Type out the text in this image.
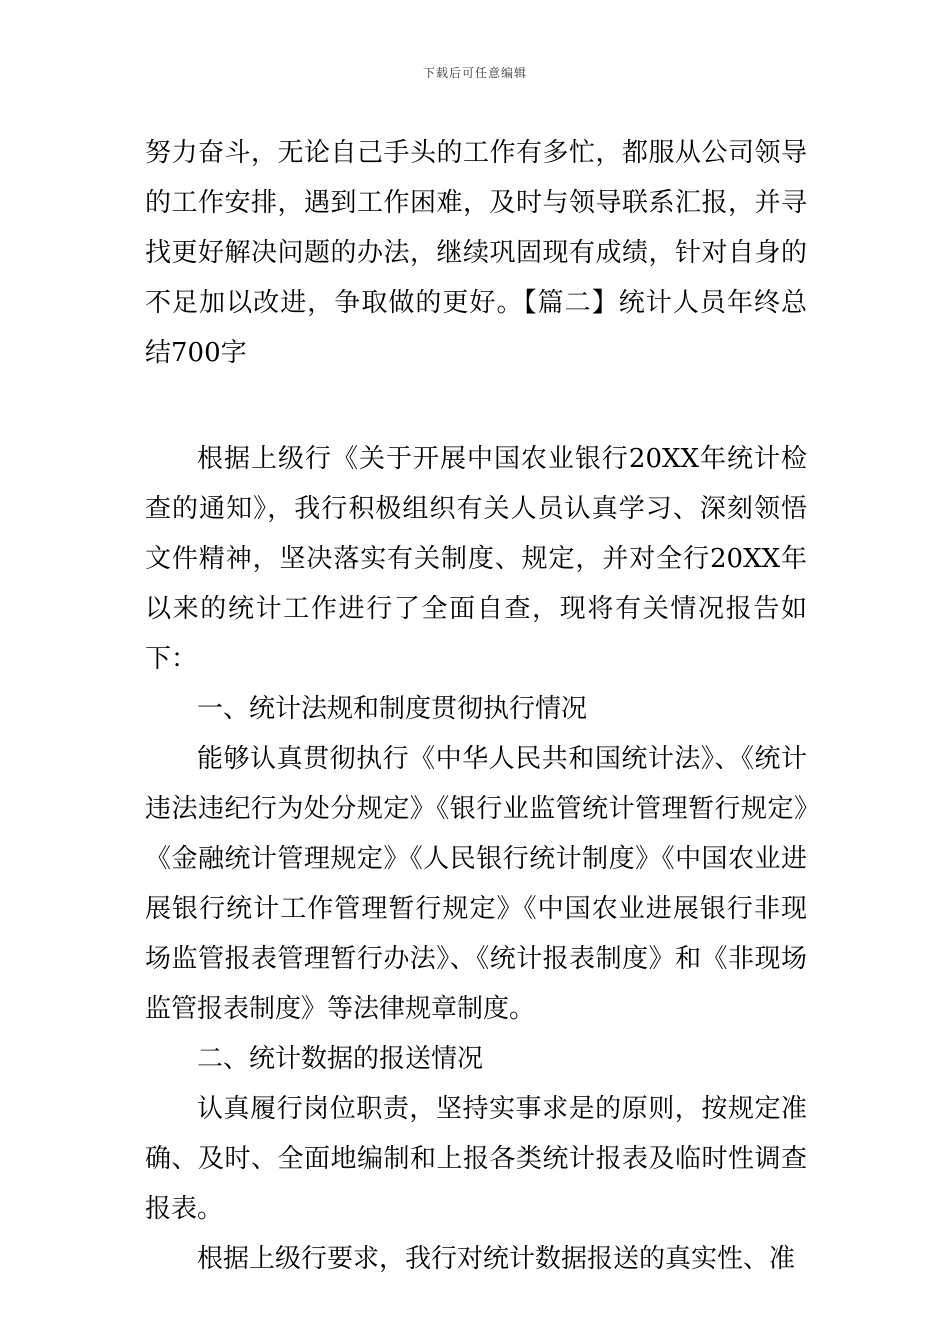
下载后可任意编辑

努力奋斗，无论自己手头的工作有多忙，都服从公司领导的工作安排，遇到工作困难，及时与领导联系汇报，并寻找更好解决问题的办法，继续巩固现有成绩，针对自身的不足加以改进，争取做的更好。【篇二】统计人员年终总结700字

根据上级行《关于开展中国农业银行20XX年统计检查的通知》，我行积极组织有关人员认真学习、深刻领悟文件精神，坚决落实有关制度、规定，并对全行20XX年以来的统计工作进行了全面自查，现将有关情况报告如下：

一、统计法规和制度贯彻执行情况

能够认真贯彻执行《中华人民共和国统计法》、《统计违法违纪行为处分规定》《银行业监管统计管理暂行规定》《金融统计管理规定》《人民银行统计制度》《中国农业进展银行统计工作管理暂行规定》《中国农业进展银行非现场监管报表管理暂行办法》、《统计报表制度》和《非现场监管报表制度》等法律规章制度。

二、统计数据的报送情况

认真履行岗位职责，坚持实事求是的原则，按规定准确、及时、全面地编制和上报各类统计报表及临时性调查报表。

根据上级行要求，我行对统计数据报送的真实性、准
